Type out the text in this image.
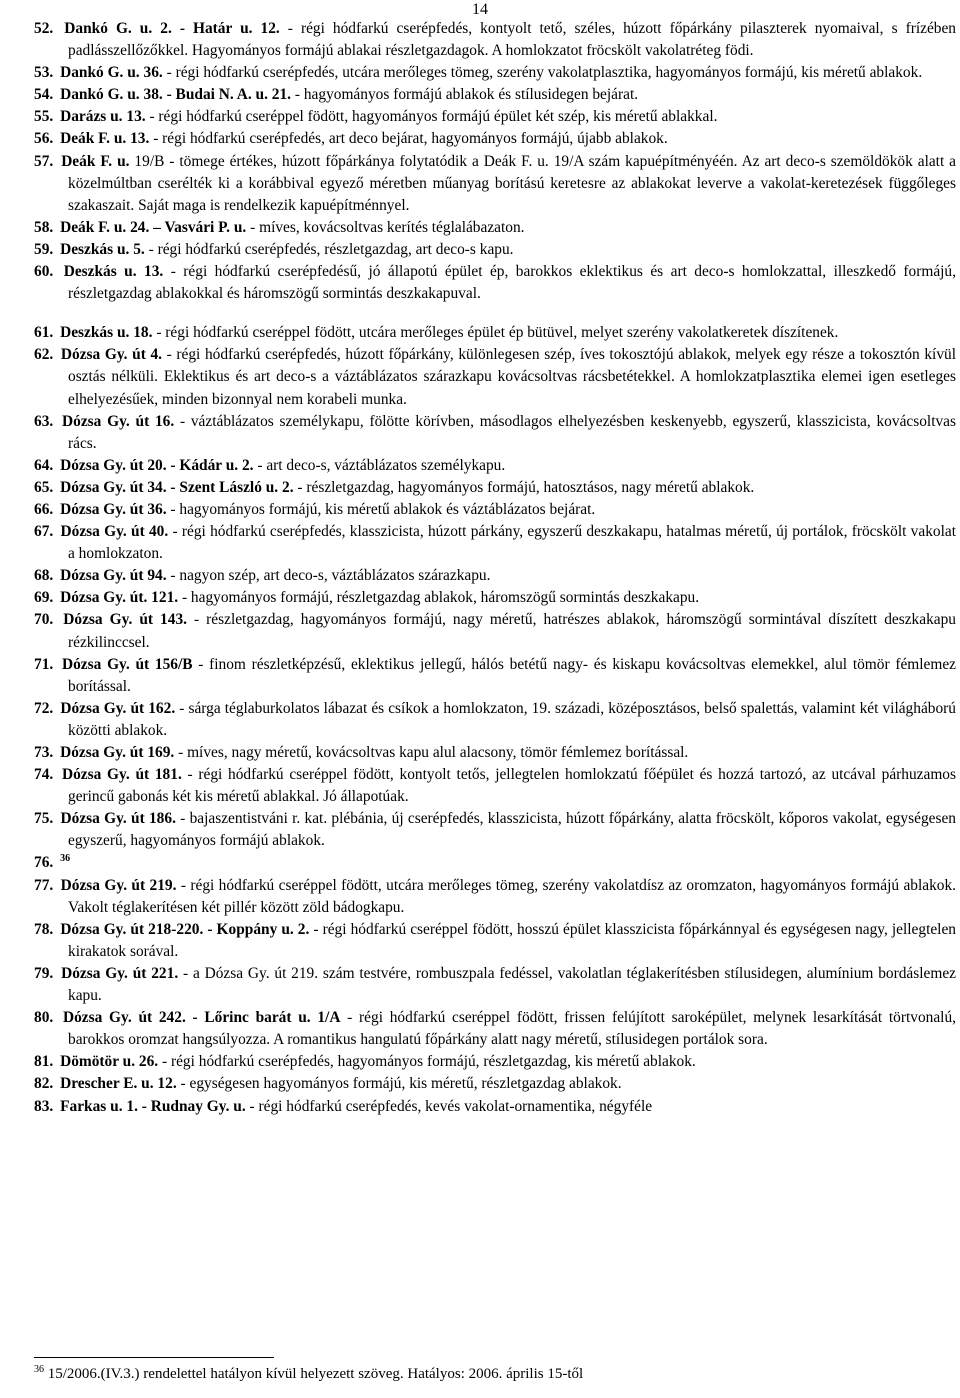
14

52. Dankó G. u. 2. - Határ u. 12. - régi hódfarkú cserépfedés, kontyolt tető, széles, húzott főpárkány pilaszterek nyomaival, s frízében padlásszellőzőkkel. Hagyományos formájú ablakai részletgazdagok. A homlokzatot fröcskölt vakolatréteg födi.

53. Dankó G. u. 36. - régi hódfarkú cserépfedés, utcára merőleges tömeg, szerény vakolatplasztika, hagyományos formájú, kis méretű ablakok.

54. Dankó G. u. 38. - Budai N. A. u. 21. - hagyományos formájú ablakok és stílusidegen bejárat.

55. Darázs u. 13. - régi hódfarkú cseréppel födött, hagyományos formájú épület két szép, kis méretű ablakkal.

56. Deák F. u. 13. - régi hódfarkú cserépfedés, art deco bejárat, hagyományos formájú, újabb ablakok.

57. Deák F. u. 19/B - tömege értékes, húzott főpárkánya folytatódik a Deák F. u. 19/A szám kapuépítményéén. Az art deco-s szemöldökök alatt a közelmúltban cserélték ki a korábbival egyező méretben műanyag borítású keretesre az ablakokat leverve a vakolat-keretezések függőleges szakaszait. Saját maga is rendelkezik kapuépítménnyel.

58. Deák F. u. 24. – Vasvári P. u. - míves, kovácsoltvas kerítés téglalábazaton.

59. Deszkás u. 5. - régi hódfarkú cserépfedés, részletgazdag, art deco-s kapu.

60. Deszkás u. 13. - régi hódfarkú cserépfedésű, jó állapotú épület ép, barokkos eklektikus és art deco-s homlokzattal, illeszkedő formájú, részletgazdag ablakokkal és háromszögű sormintás deszkakapuval.

61. Deszkás u. 18. - régi hódfarkú cseréppel födött, utcára merőleges épület ép bütüvel, melyet szerény vakolatkeretek díszítenek.

62. Dózsa Gy. út 4. - régi hódfarkú cserépfedés, húzott főpárkány, különlegesen szép, íves tokosztójú ablakok, melyek egy része a tokosztón kívül osztás nélküli. Eklektikus és art deco-s a váztáblázatos szárazkapu kovácsoltvas rácsbetétekkel. A homlokzatplasztika elemei igen esetleges elhelyezésűek, minden bizonnyal nem korabeli munka.

63. Dózsa Gy. út 16. - váztáblázatos személykapu, fölötte körívben, másodlagos elhelyezésben keskenyebb, egyszerű, klasszicista, kovácsoltvas rács.

64. Dózsa Gy. út 20. - Kádár u. 2. - art deco-s, váztáblázatos személykapu.

65. Dózsa Gy. út 34. - Szent László u. 2. - részletgazdag, hagyományos formájú, hatosztásos, nagy méretű ablakok.

66. Dózsa Gy. út 36. - hagyományos formájú, kis méretű ablakok és váztáblázatos bejárat.

67. Dózsa Gy. út 40. - régi hódfarkú cserépfedés, klasszicista, húzott párkány, egyszerű deszkakapu, hatalmas méretű, új portálok, fröcskölt vakolat a homlokzaton.

68. Dózsa Gy. út 94. - nagyon szép, art deco-s, váztáblázatos szárazkapu.

69. Dózsa Gy. út. 121. - hagyományos formájú, részletgazdag ablakok, háromszögű sormintás deszkakapu.

70. Dózsa Gy. út 143. - részletgazdag, hagyományos formájú, nagy méretű, hatrészes ablakok, háromszögű sormintával díszített deszkakapu rézkilinccsel.

71. Dózsa Gy. út 156/B - finom részletképzésű, eklektikus jellegű, hálós betétű nagy- és kiskapu kovácsoltvas elemekkel, alul tömör fémlemez borítással.

72. Dózsa Gy. út 162. - sárga téglaburkolatos lábazat és csíkok a homlokzaton, 19. századi, középosztásos, belső spalettás, valamint két világháború közötti ablakok.

73. Dózsa Gy. út 169. - míves, nagy méretű, kovácsoltvas kapu alul alacsony, tömör fémlemez borítással.

74. Dózsa Gy. út 181. - régi hódfarkú cseréppel födött, kontyolt tetős, jellegtelen homlokzatú főépület és hozzá tartozó, az utcával párhuzamos gerincű gabonás két kis méretű ablakkal. Jó állapotúak.

75. Dózsa Gy. út 186. - bajaszentistváni r. kat. plébánia, új cserépfedés, klasszicista, húzott főpárkány, alatta fröcskölt, kőporos vakolat, egységesen egyszerű, hagyományos formájú ablakok.

76. $^{36}$

77. Dózsa Gy. út 219. - régi hódfarkú cseréppel födött, utcára merőleges tömeg, szerény vakolatdísz az oromzaton, hagyományos formájú ablakok. Vakolt téglakerítésen két pillér között zöld bádogkapu.

78. Dózsa Gy. út 218-220. - Koppány u. 2. - régi hódfarkú cseréppel födött, hosszú épület klasszicista főpárkánnyal és egységesen nagy, jellegtelen kirakatok sorával.

79. Dózsa Gy. út 221. - a Dózsa Gy. út 219. szám testvére, rombuszpala fedéssel, vakolatlan téglakerítésben stílusidegen, alumínium bordáslemez kapu.

80. Dózsa Gy. út 242. - Lőrinc barát u. 1/A - régi hódfarkú cseréppel födött, frissen felújított saroképület, melynek lesarkítását törtvonalú, barokkos oromzat hangsúlyozza. A romantikus hangulatú főpárkány alatt nagy méretű, stílusidegen portálok sora.

81. Dömötör u. 26. - régi hódfarkú cserépfedés, hagyományos formájú, részletgazdag, kis méretű ablakok.

82. Drescher E. u. 12. - egységesen hagyományos formájú, kis méretű, részletgazdag ablakok.

83. Farkas u. 1. - Rudnay Gy. u. - régi hódfarkú cserépfedés, kevés vakolat-ornamentika, négyféle

$^{36}$ 15/2006.(IV.3.) rendelettel hatályon kívül helyezett szöveg. Hatályos: 2006. április 15-től
